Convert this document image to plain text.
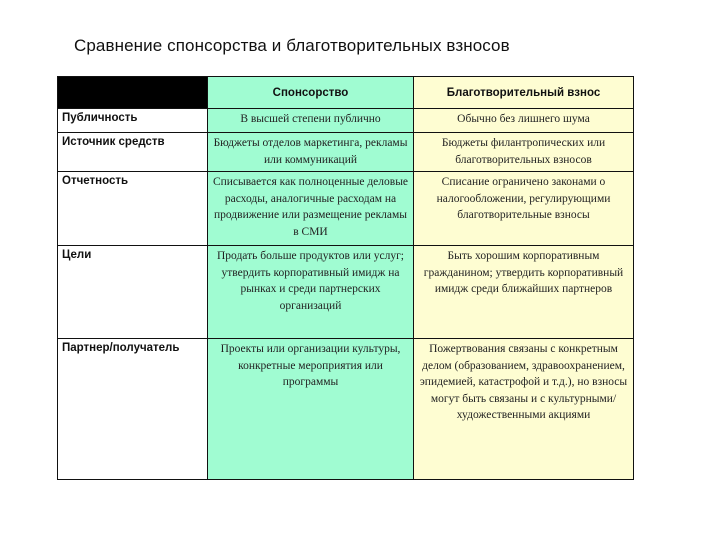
Сравнение спонсорства и благотворительных взносов
	Спонсорство	Благотворительный взнос
Публичность	В высшей степени публично	Обычно без лишнего шума
Источник средств	Бюджеты отделов маркетинга, рекламы или коммуникаций	Бюджеты филантропических или благотворительных взносов
Отчетность	Списывается как полноценные деловые расходы, аналогичные расходам на продвижение или размещение рекламы в СМИ	Списание ограничено законами о налогообложении, регулирующими благотворительные взносы
Цели	Продать больше продуктов или услуг; утвердить корпоративный имидж на рынках и среди партнерских организаций	Быть хорошим корпоративным гражданином; утвердить корпоративный имидж среди ближайших партнеров
Партнер/получатель	Проекты или организации культуры, конкретные мероприятия или программы	Пожертвования связаны с конкретным делом (образованием, здравоохранением, эпидемией, катастрофой и т.д.), но взносы могут быть связаны и с культурными/художественными акциями
